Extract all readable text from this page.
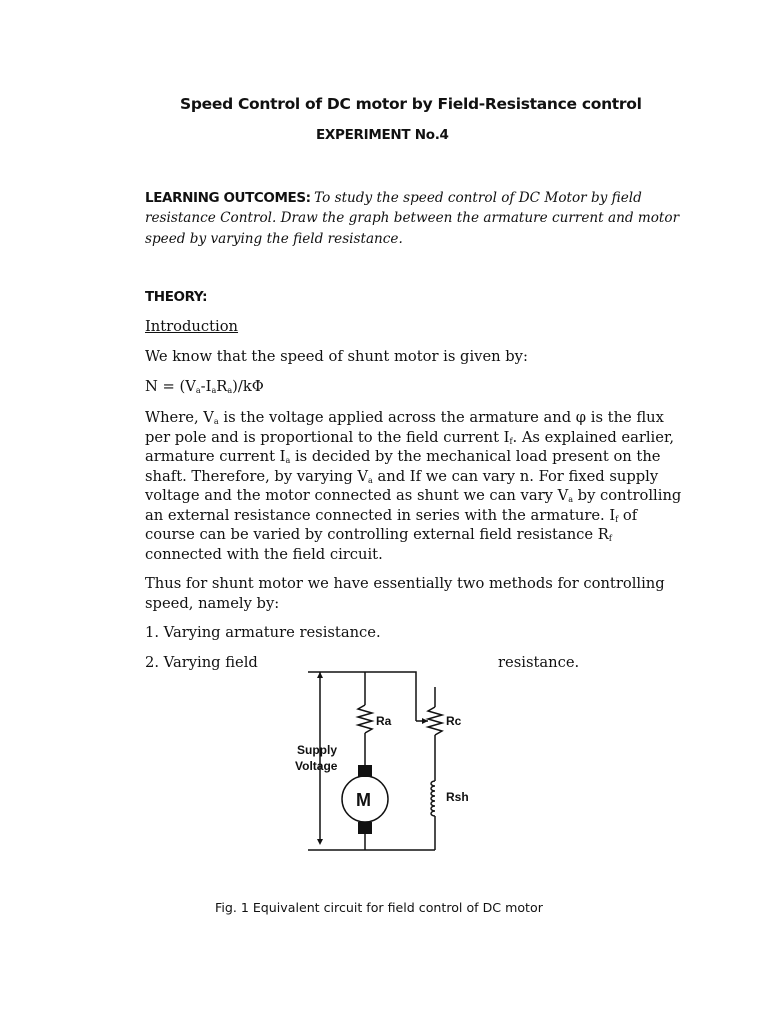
Speed Control of DC motor by Field-Resistance control
EXPERIMENT No.4
LEARNING OUTCOMES: To study the speed control of DC Motor by field resistance Control. Draw the graph between the armature current and motor speed by varying the field resistance.
THEORY:
Introduction
We know that the speed of shunt motor is given by:
$N = (V_a-I_aR_a)/k\Phi$
Where, $V_a$ is the voltage applied across the armature and φ is the flux per pole and is proportional to the field current $I_f$. As explained earlier, armature current $I_a$ is decided by the mechanical load present on the shaft. Therefore, by varying $V_a$ and If we can vary n. For fixed supply voltage and the motor connected as shunt we can vary $V_a$ by controlling an external resistance connected in series with the armature. $I_f$ of course can be varied by controlling external field resistance $R_f$ connected with the field circuit.
Thus for shunt motor we have essentially two methods for controlling speed, namely by:
1. Varying armature resistance.
2. Varying field	resistance.
Ra	Rc
Rsh
M
Supply
Voltage
Fig. 1 Equivalent circuit for field control of DC motor
